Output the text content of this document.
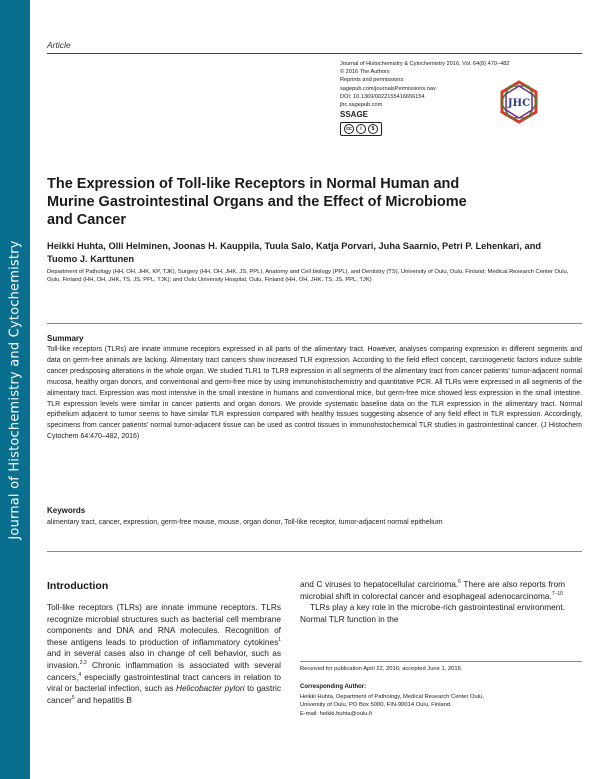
Journal of Histochemistry and Cytochemistry
Article
Journal of Histochemistry & Cytochemistry 2016, Vol. 64(8) 470–482
© 2016 The Authors
Reprints and permissions:
sagepub.com/journalsPermissions.nav
DOI: 10.1369/0022155416656154
jhc.sagepub.com
SSAGE
cc	i	$
JHC
The Expression of Toll-like Receptors in Normal Human and Murine Gastrointestinal Organs and the Effect of Microbiome and Cancer
Heikki Huhta, Olli Helminen, Joonas H. Kauppila, Tuula Salo, Katja Porvari, Juha Saarnio, Petri P. Lehenkari, and Tuomo J. Karttunen
Department of Pathology (HH, OH, JHK, KP, TJK), Surgery (HH, OH, JHK, JS, PPL), Anatomy and Cell biology (PPL), and Dentistry (TS), University of Oulu, Oulu, Finland; Medical Research Center Oulu, Oulu, Finland (HH, OH, JHK, TS, JS, PPL, TJK); and Oulu University Hospital, Oulu, Finland (HH, OH, JHK, TS, JS, PPL, TJK)
Summary
Toll-like receptors (TLRs) are innate immune receptors expressed in all parts of the alimentary tract. However, analyses comparing expression in different segments and data on germ-free animals are lacking. Alimentary tract cancers show increased TLR expression. According to the field effect concept, carcinogenetic factors induce subtle cancer predisposing alterations in the whole organ. We studied TLR1 to TLR9 expression in all segments of the alimentary tract from cancer patients' tumor-adjacent normal mucosa, healthy organ donors, and conventional and germ-free mice by using immunohistochemistry and quantitative PCR. All TLRs were expressed in all segments of the alimentary tract. Expression was most intensive in the small intestine in humans and conventional mice, but germ-free mice showed less expression in the small intestine. TLR expression levels were similar in cancer patients and organ donors. We provide systematic baseline data on the TLR expression in the alimentary tract. Normal epithelium adjacent to tumor seems to have similar TLR expression compared with healthy tissues suggesting absence of any field effect in TLR expression. Accordingly, specimens from cancer patients' normal tumor-adjacent tissue can be used as control tissues in immunohistochemical TLR studies in gastrointestinal cancer. (J Histochem Cytochem 64:470–482, 2016)
Keywords
alimentary tract, cancer, expression, germ-free mouse, mouse, organ donor, Toll-like receptor, tumor-adjacent normal epithelium
Introduction

Toll-like receptors (TLRs) are innate immune receptors. TLRs recognize microbial structures such as bacterial cell membrane components and DNA and RNA molecules. Recognition of these antigens leads to production of inflammatory cytokines$^1$ and in several cases also in change of cell behavior, such as invasion.$^{2,3}$ Chronic inflammation is associated with several cancers,$^4$ especially gastrointestinal tract cancers in relation to viral or bacterial infection, such as Helicobacter pylori to gastric cancer$^5$ and hepatitis B

and C viruses to hepatocellular carcinoma.$^6$ There are also reports from microbial shift in colorectal cancer and esophageal adenocarcinoma.$^{7-10}$

TLRs play a key role in the microbe-rich gastrointestinal environment. Normal TLR function in the

Received for publication April 22, 2016; accepted June 1, 2016.
Corresponding Author:
Heikki Huhta, Department of Pathology, Medical Research Center Oulu,
University of Oulu, PO Box 5000, FIN-90014 Oulu, Finland.
E-mail: heikki.huhta@oulu.fi
